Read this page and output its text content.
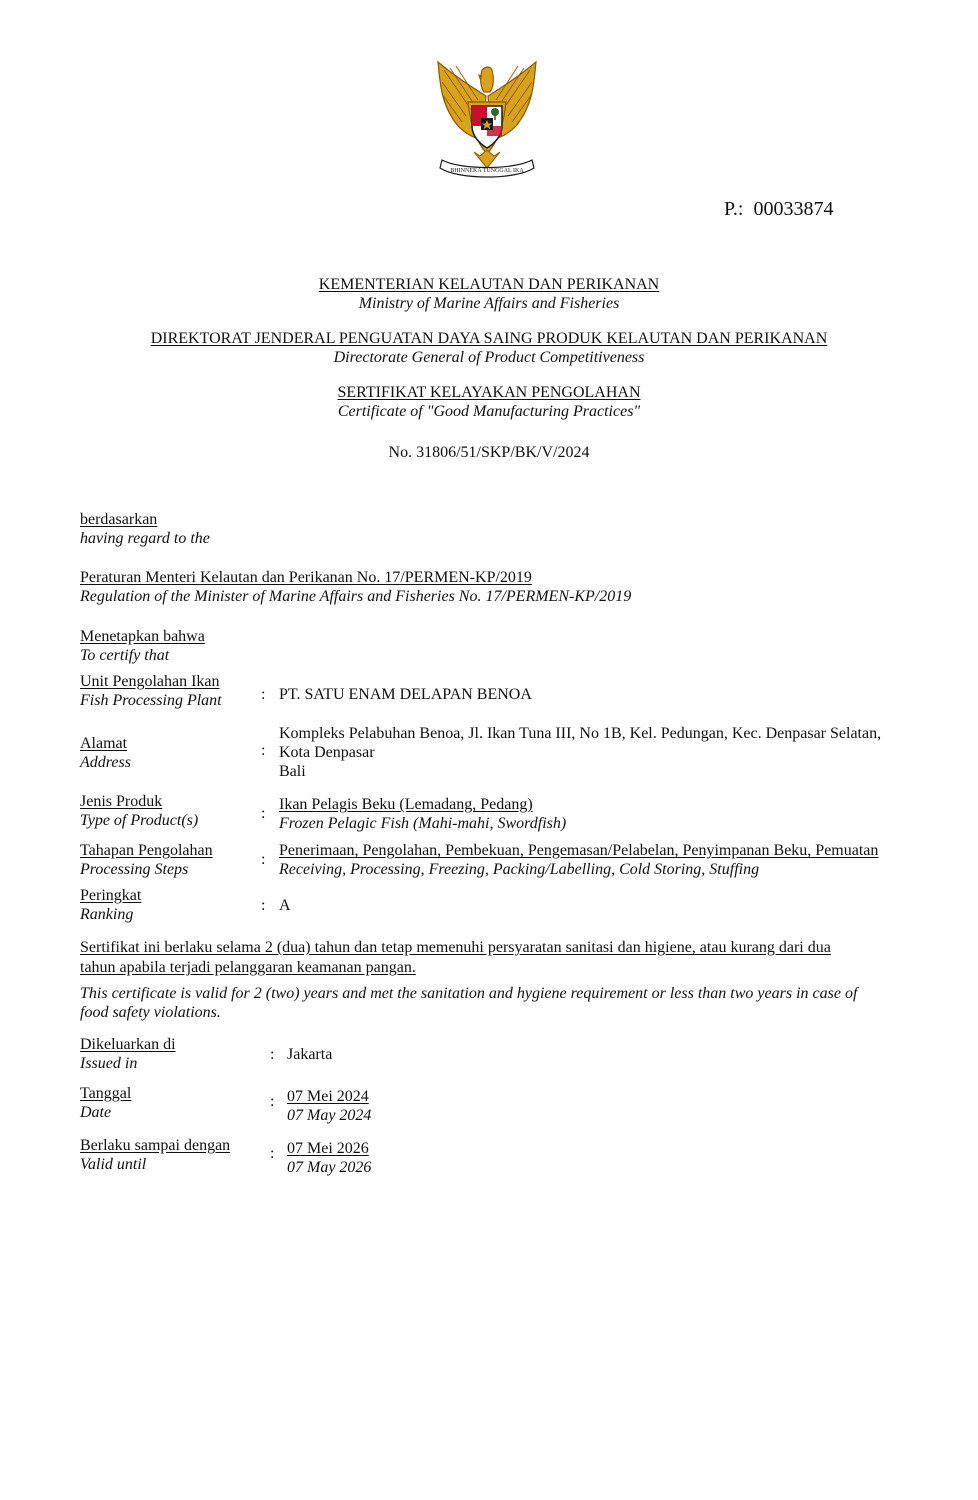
BHINNEKA TUNGGAL IKA
P.: 00033874
KEMENTERIAN KELAUTAN DAN PERIKANAN
Ministry of Marine Affairs and Fisheries
DIREKTORAT JENDERAL PENGUATAN DAYA SAING PRODUK KELAUTAN DAN PERIKANAN
Directorate General of Product Competitiveness
SERTIFIKAT KELAYAKAN PENGOLAHAN
Certificate of "Good Manufacturing Practices"
No. 31806/51/SKP/BK/V/2024
berdasarkan
having regard to the
Peraturan Menteri Kelautan dan Perikanan No. 17/PERMEN-KP/2019
Regulation of the Minister of Marine Affairs and Fisheries No. 17/PERMEN-KP/2019
Menetapkan bahwa
To certify that
Unit Pengolahan Ikan
Fish Processing Plant	: PT. SATU ENAM DELAPAN BENOA
Alamat
Address
:
Kompleks Pelabuhan Benoa, Jl. Ikan Tuna III, No 1B, Kel. Pedungan, Kec. Denpasar Selatan,
Kota Denpasar
Bali
Jenis Produk
Type of Product(s)	:
Ikan Pelagis Beku (Lemadang, Pedang)
Frozen Pelagic Fish (Mahi-mahi, Swordfish)
Tahapan Pengolahan
Processing Steps
:
Penerimaan, Pengolahan, Pembekuan, Pengemasan/Pelabelan, Penyimpanan Beku, Pemuatan
Receiving, Processing, Freezing, Packing/Labelling, Cold Storing, Stuffing
Peringkat
Ranking
: A
Sertifikat ini berlaku selama 2 (dua) tahun dan tetap memenuhi persyaratan sanitasi dan higiene, atau kurang dari dua
tahun apabila terjadi pelanggaran keamanan pangan.
This certificate is valid for 2 (two) years and met the sanitation and hygiene requirement or less than two years in case of
food safety violations.
Dikeluarkan di
Issued in
: Jakarta
Tanggal
Date
: 07 Mei 2024
07 May 2024
Berlaku sampai dengan
Valid until
: 07 Mei 2026
07 May 2026
